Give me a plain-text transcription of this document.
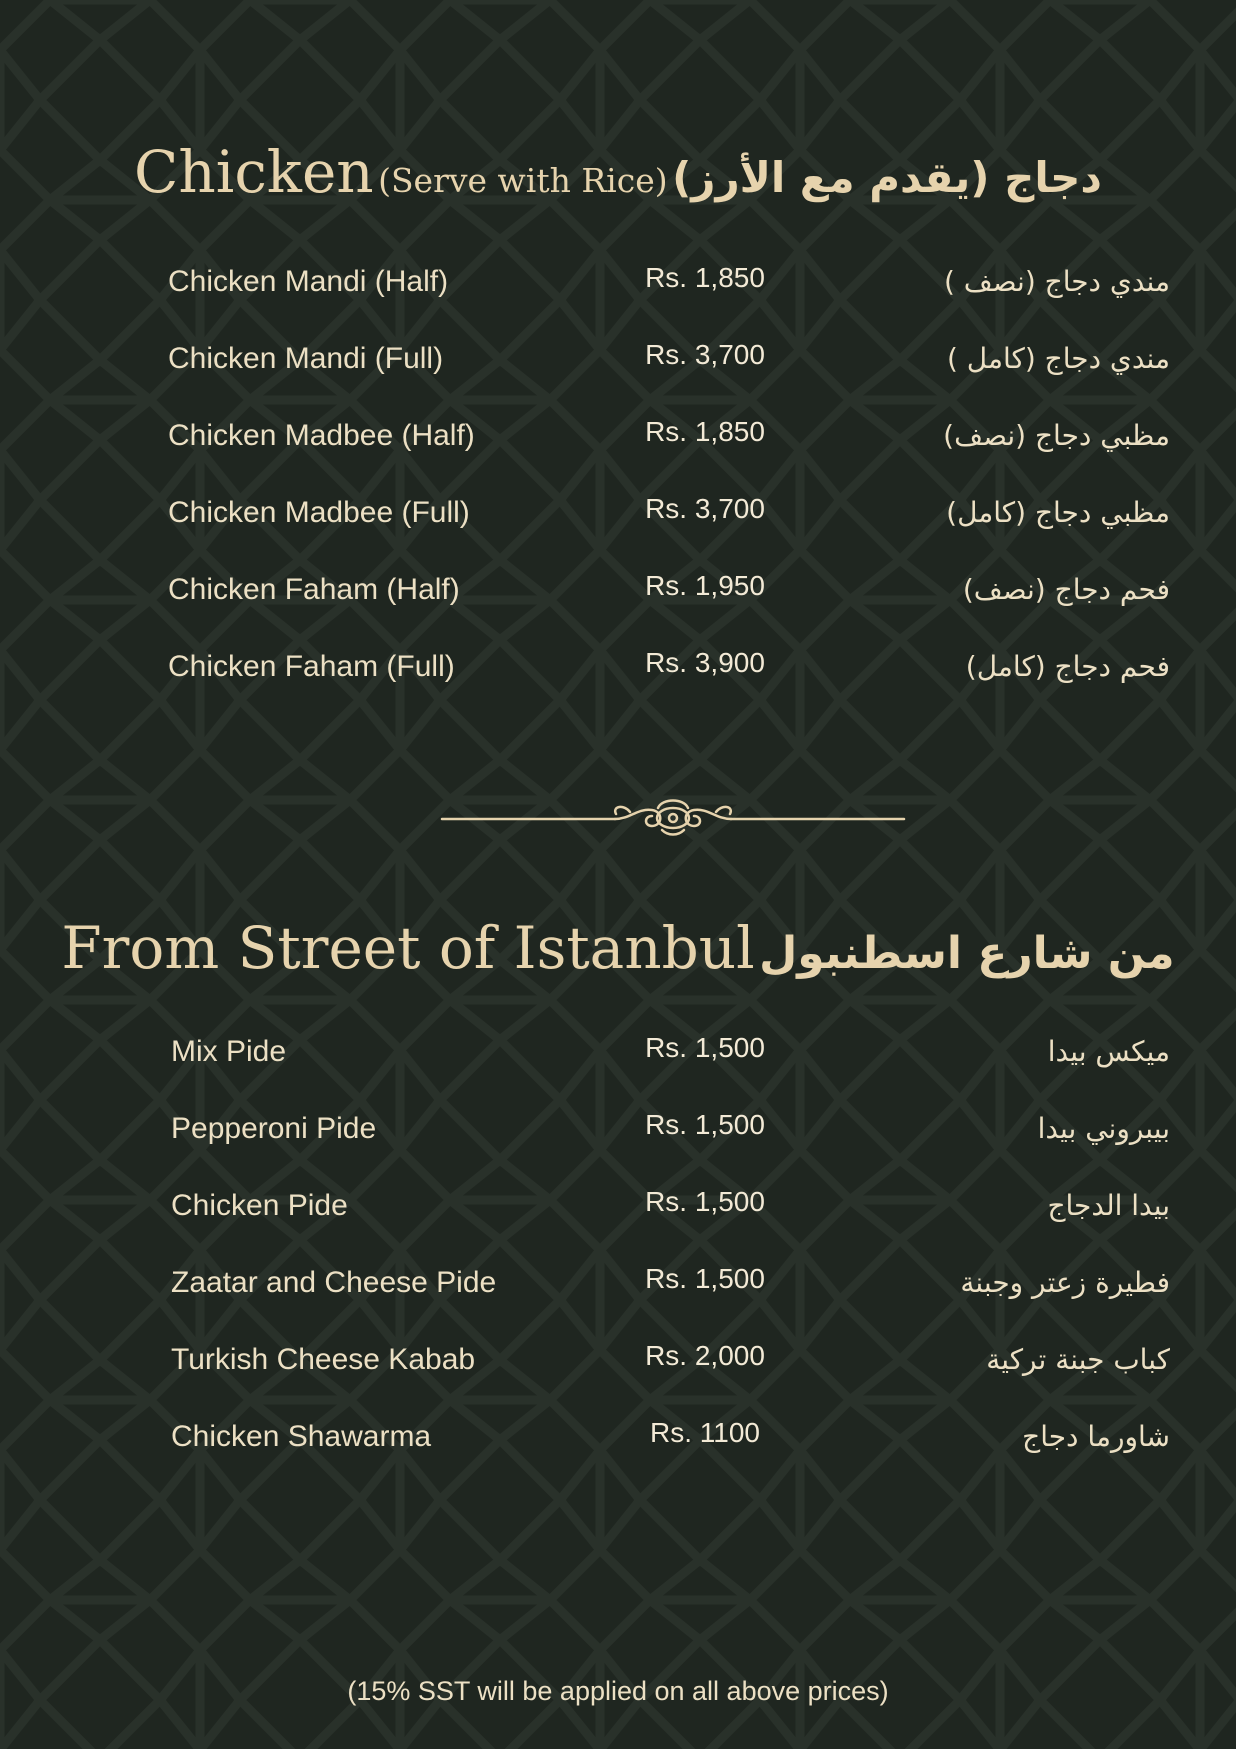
Chicken (Serve with Rice) دجاج (يقدم مع الأرز)
Chicken Mandi (Half)	Rs. 1,850	مندي دجاج (نصف )
Chicken Mandi (Full)	Rs. 3,700	مندي دجاج (كامل )
Chicken Madbee (Half)	Rs. 1,850	مظبي دجاج (نصف)
Chicken Madbee (Full)	Rs. 3,700	مظبي دجاج (كامل)
Chicken Faham (Half)	Rs. 1,950	فحم دجاج (نصف)
Chicken Faham (Full)	Rs. 3,900	فحم دجاج (كامل)
From Street of Istanbul من شارع اسطنبول
Mix Pide	Rs. 1,500	ميكس بيدا
Pepperoni Pide	Rs. 1,500	بيبروني بيدا
Chicken Pide	Rs. 1,500	بيدا الدجاج
Zaatar and Cheese Pide	Rs. 1,500	فطيرة زعتر وجبنة
Turkish Cheese Kabab	Rs. 2,000	كباب جبنة تركية
Chicken Shawarma	Rs. 1100	شاورما دجاج
(15% SST will be applied on all above prices)
